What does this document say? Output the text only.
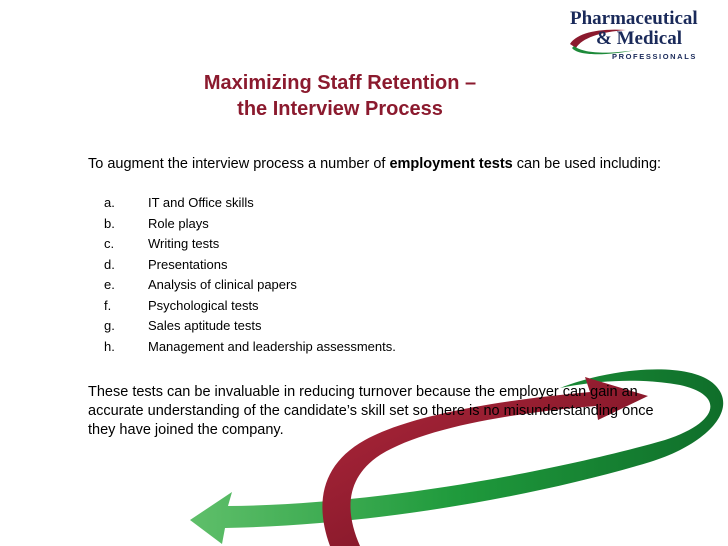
Pharmaceutical
& Medical
PROFESSIONALS
Maximizing Staff Retention –
the Interview Process
To augment the interview process a number of employment tests can be used including:
a.	IT and Office skills
b.	Role plays
c.	Writing tests
d.	Presentations
e.	Analysis of clinical papers
f.	Psychological tests
g.	Sales aptitude tests
h.	Management and leadership assessments.
These tests can be invaluable in reducing turnover because the employer can gain an accurate understanding of the candidate’s skill set so there is no misunderstanding once they have joined the company.
